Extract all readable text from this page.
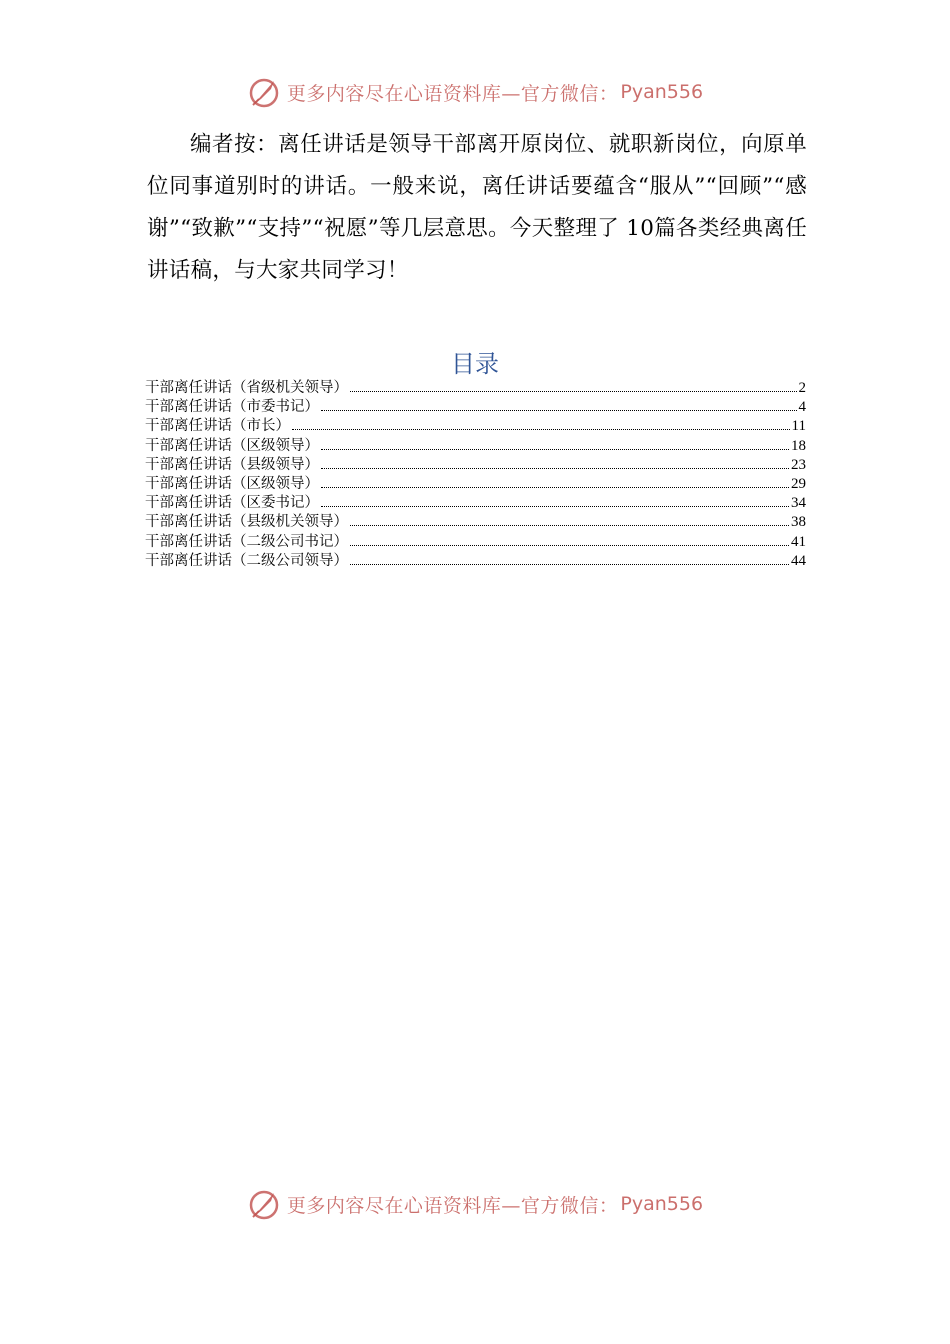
更多内容尽在心语资料库—官方微信： Pyan556

编者按：离任讲话是领导干部离开原岗位、就职新岗位，向原单位同事道别时的讲话。一般来说，离任讲话要蕴含“服从”“回顾”“感谢”“致歉”“支持”“祝愿”等几层意思。今天整理了 10篇各类经典离任讲话稿，与大家共同学习！

目录
干部离任讲话（省级机关领导）	2
干部离任讲话（市委书记）	4
干部离任讲话（市长）	11
干部离任讲话（区级领导）	18
干部离任讲话（县级领导）	23
干部离任讲话（区级领导）	29
干部离任讲话（区委书记）	34
干部离任讲话（县级机关领导）	38
干部离任讲话（二级公司书记）	41
干部离任讲话（二级公司领导）	44
更多内容尽在心语资料库—官方微信： Pyan556
